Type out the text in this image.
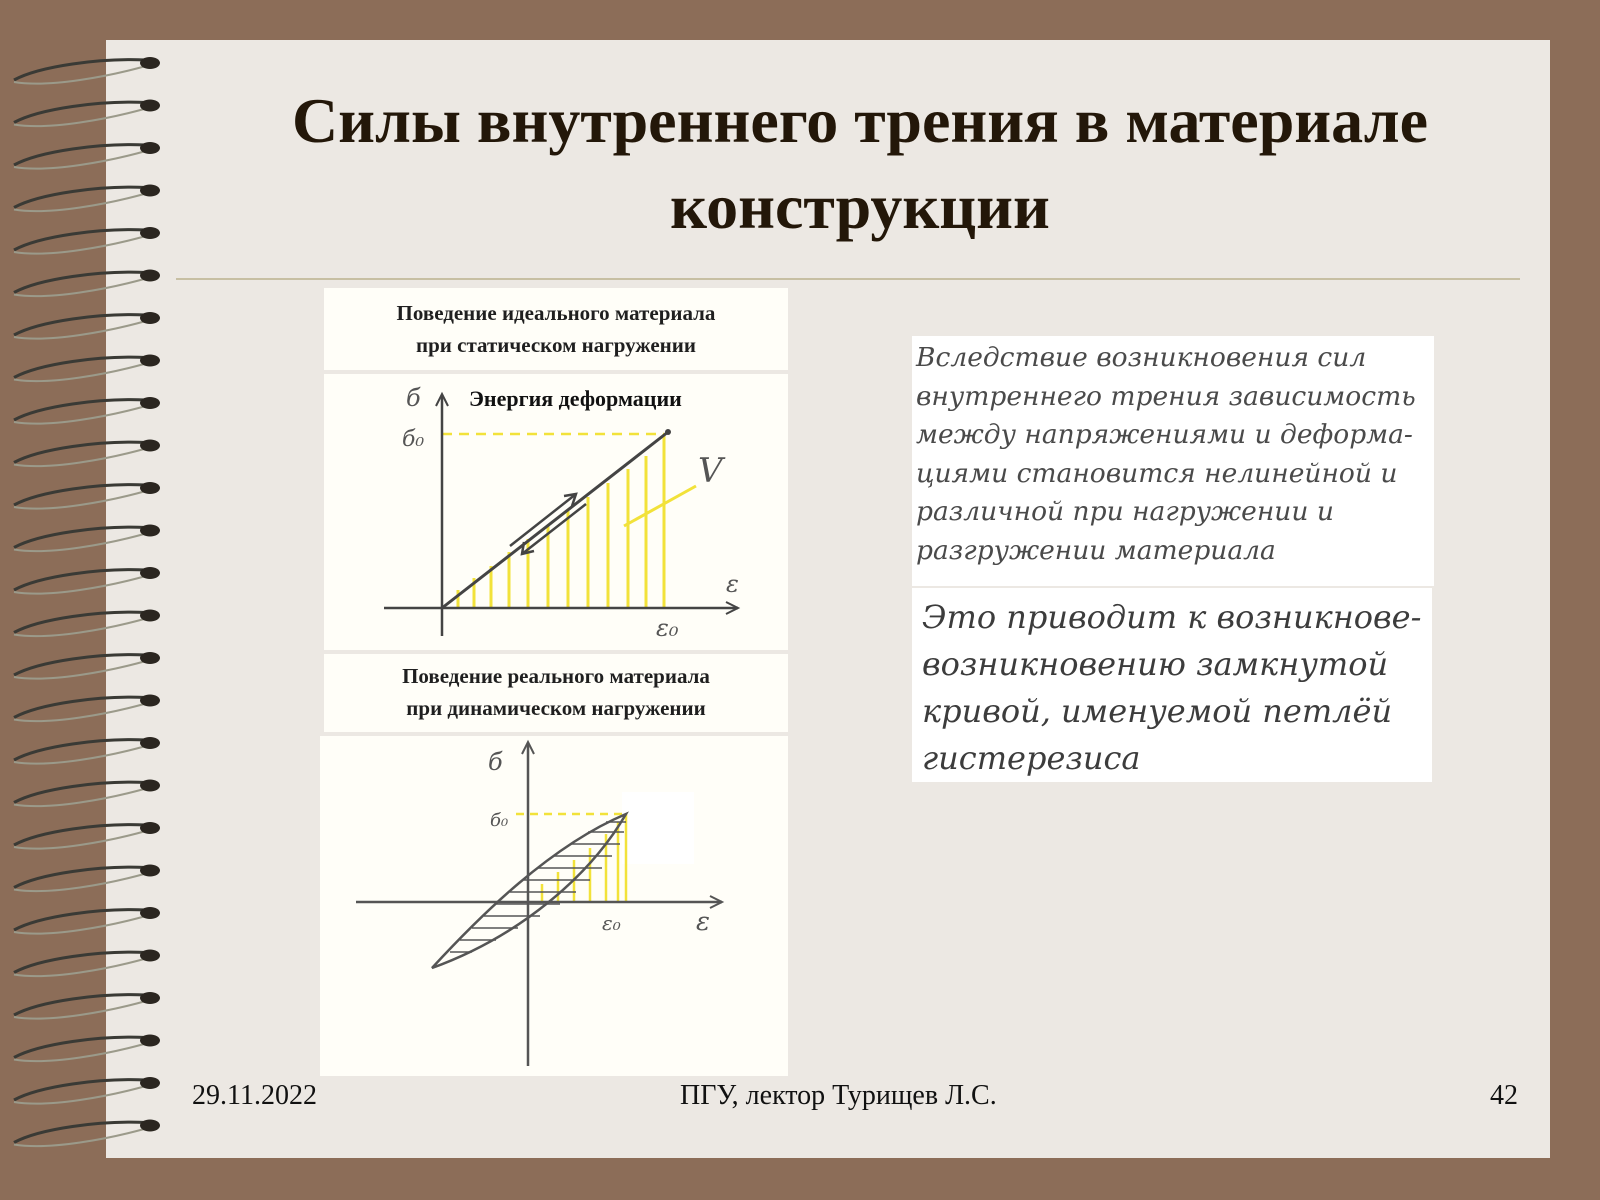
Силы внутреннего трения в материале
конструкции
Поведение идеального материала
при статическом нагружении
б
б₀
ε
ε₀
V
Энергия деформации
Поведение реального материала
при динамическом нагружении
б
б₀
ε
ε₀
Вследствие возникновения сил
внутреннего трения зависимость
между напряжениями и деформа-
циями становится нелинейной и
различной при нагружении и
разгружении материала
Это приводит к возникнове-
возникновению замкнутой
кривой, именуемой петлёй
гистерезиса
29.11.2022	ПГУ, лектор Турищев Л.С.	42
